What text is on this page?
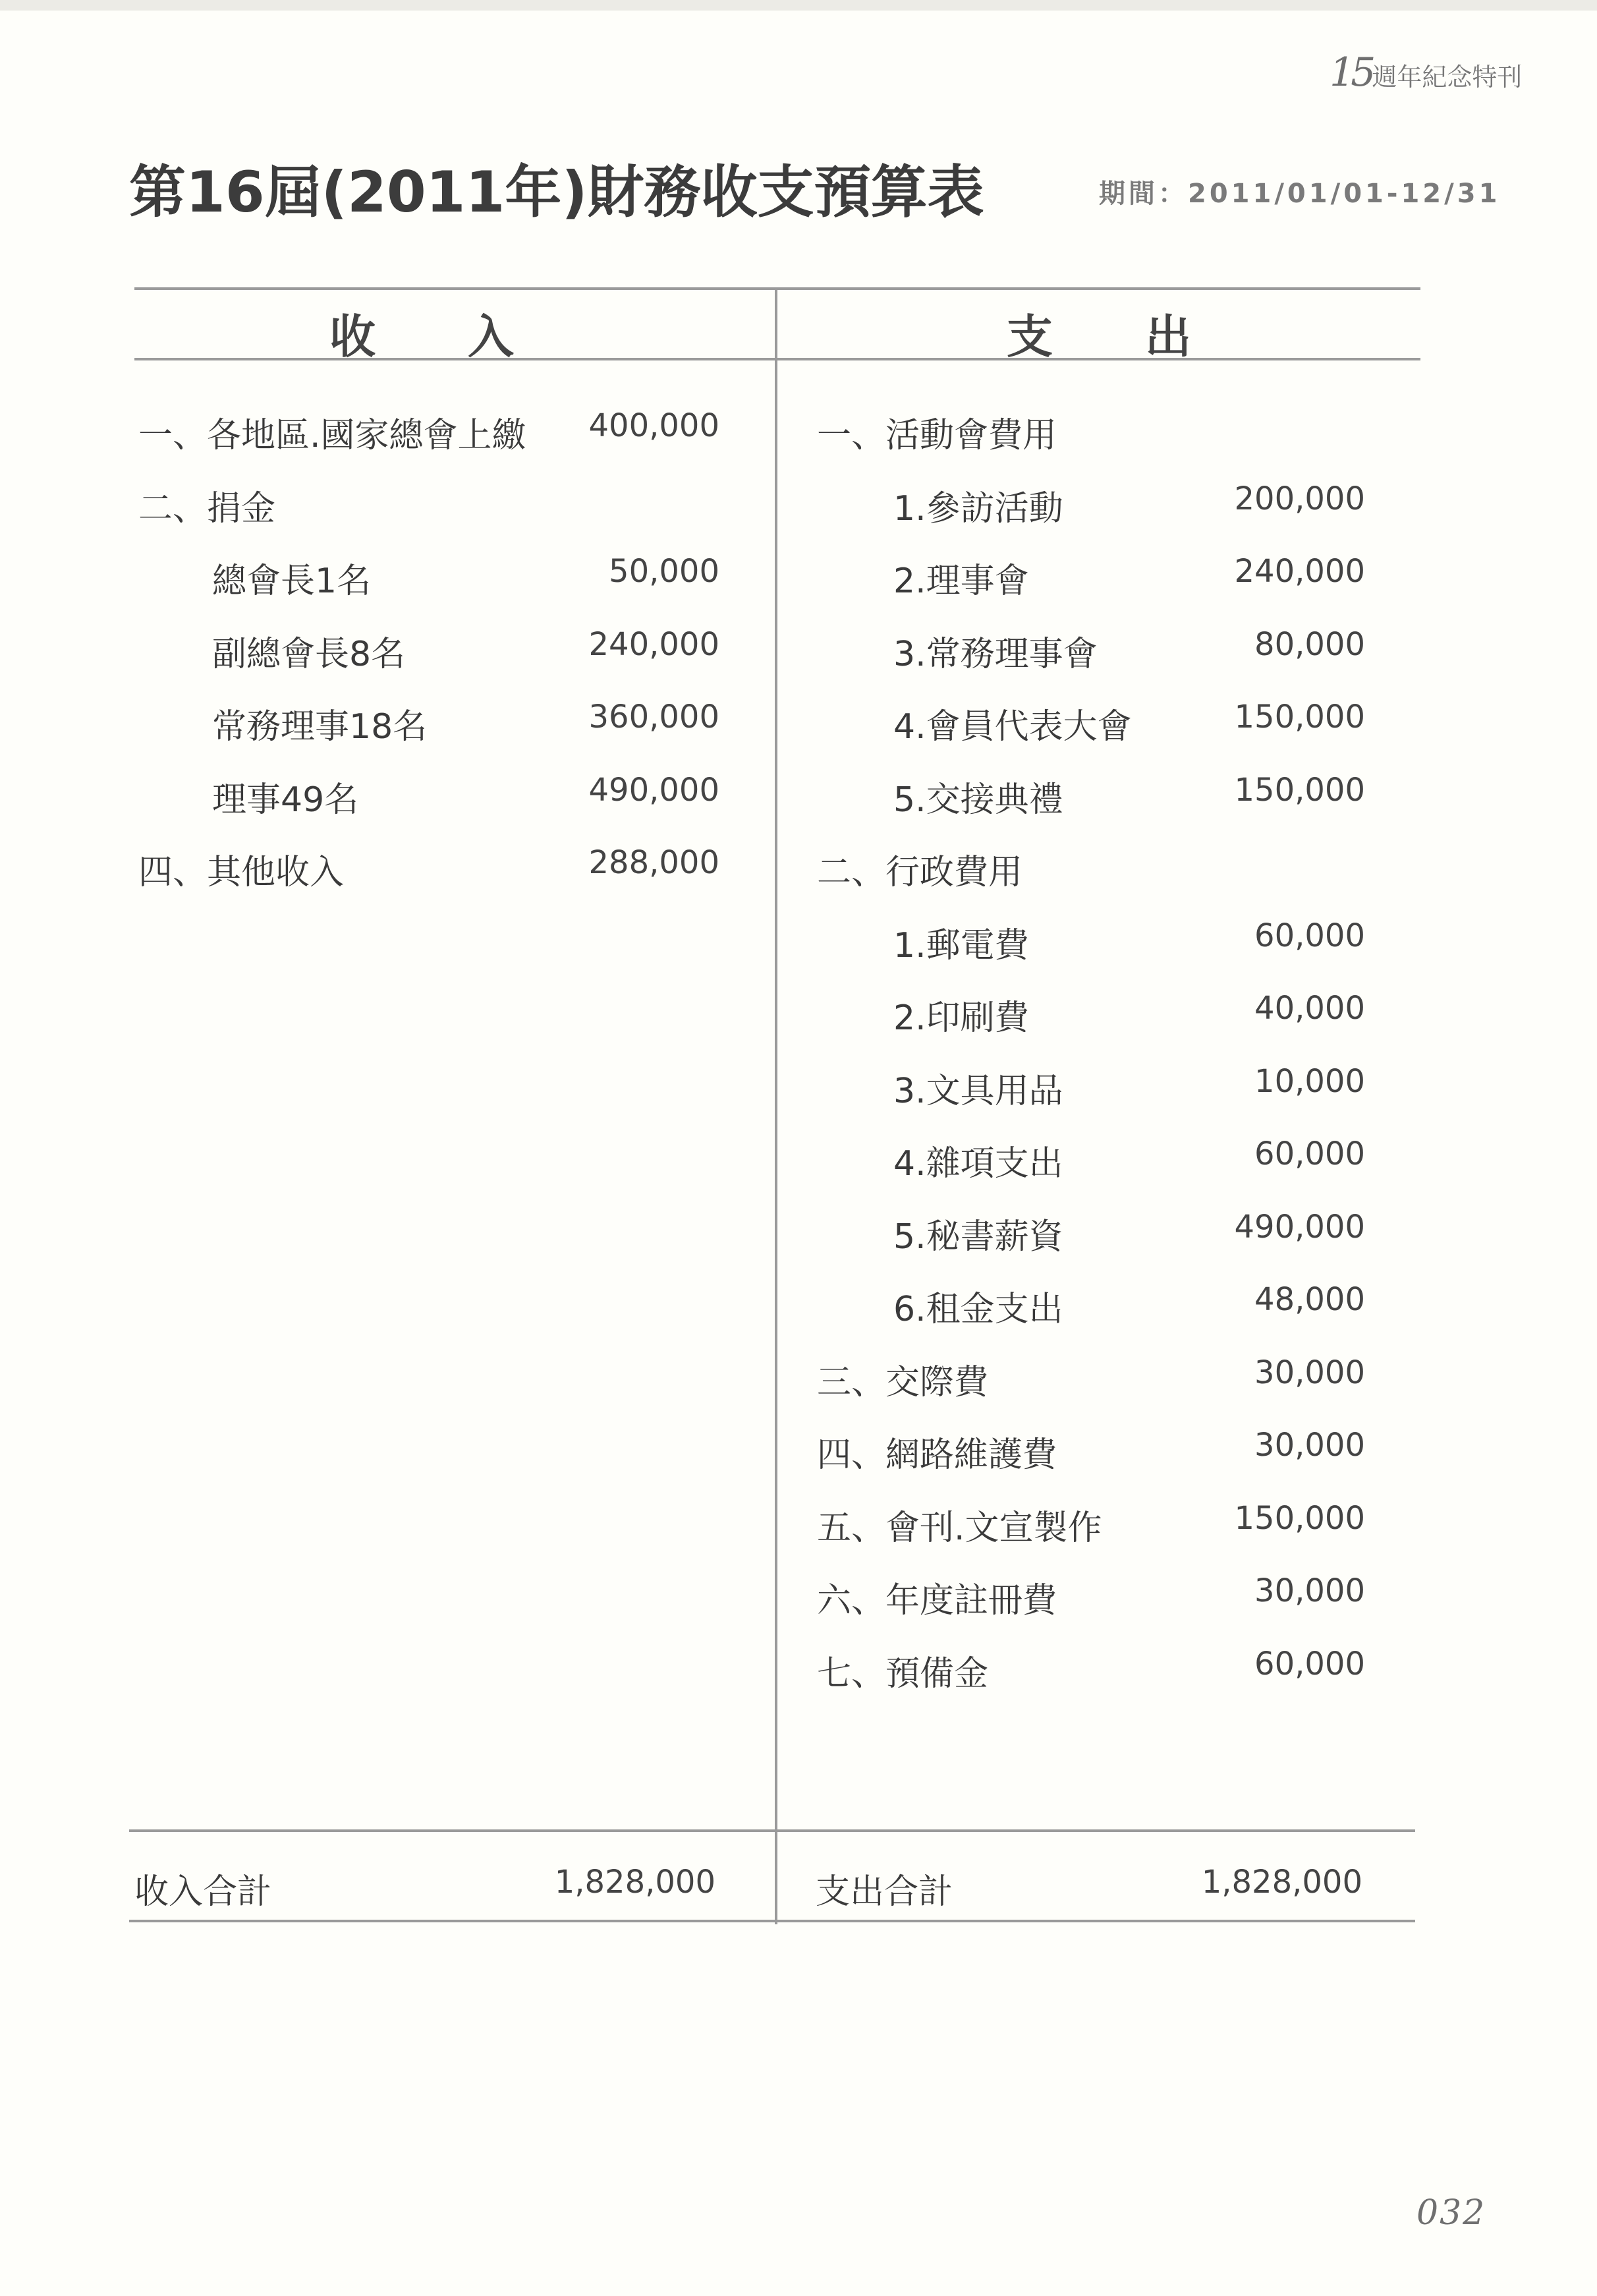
15週年紀念特刊
第16屆(2011年)財務收支預算表	期間：2011/01/01-12/31
收　　入	支　　出
一、各地區.國家總會上繳 400,000
二、捐金
總會長1名	50,000
副總會長8名	240,000
常務理事18名	360,000
理事49名	490,000
四、其他收入	288,000
一、活動會費用
1.參訪活動	200,000
2.理事會	240,000
3.常務理事會	80,000
4.會員代表大會	150,000
5.交接典禮	150,000
二、行政費用
1.郵電費	60,000
2.印刷費	40,000
3.文具用品	10,000
4.雜項支出	60,000
5.秘書薪資	490,000
6.租金支出	48,000
三、交際費	30,000
四、網路維護費	30,000
五、會刊.文宣製作	150,000
六、年度註冊費	30,000
七、預備金	60,000
收入合計	1,828,000	支出合計	1,828,000
032
